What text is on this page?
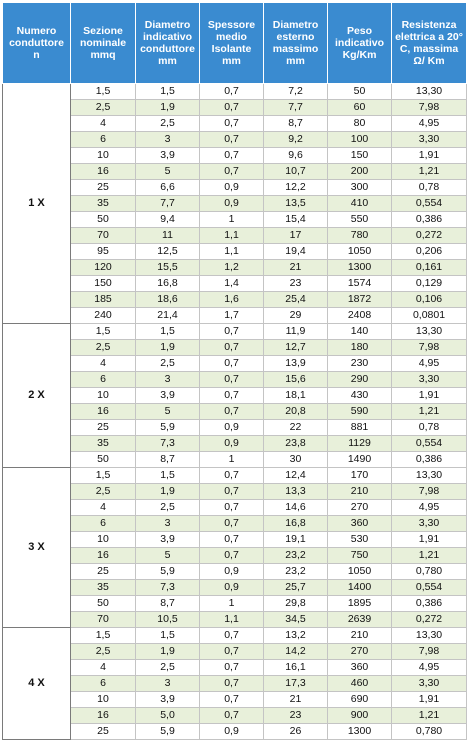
Numero conduttore n	Sezione nominale mmq	Diametro indicativo conduttore mm	Spessore medio Isolante mm	Diametro esterno massimo mm	Peso indicativo Kg/Km	Resistenza elettrica a 20° C, massima Ω/ Km
1 X	1,5	1,5	0,7	7,2	50	13,30
	2,5	1,9	0,7	7,7	60	7,98
	4	2,5	0,7	8,7	80	4,95
	6	3	0,7	9,2	100	3,30
	10	3,9	0,7	9,6	150	1,91
	16	5	0,7	10,7	200	1,21
	25	6,6	0,9	12,2	300	0,78
	35	7,7	0,9	13,5	410	0,554
	50	9,4	1	15,4	550	0,386
	70	11	1,1	17	780	0,272
	95	12,5	1,1	19,4	1050	0,206
	120	15,5	1,2	21	1300	0,161
	150	16,8	1,4	23	1574	0,129
	185	18,6	1,6	25,4	1872	0,106
	240	21,4	1,7	29	2408	0,0801
2 X	1,5	1,5	0,7	11,9	140	13,30
	2,5	1,9	0,7	12,7	180	7,98
	4	2,5	0,7	13,9	230	4,95
	6	3	0,7	15,6	290	3,30
	10	3,9	0,7	18,1	430	1,91
	16	5	0,7	20,8	590	1,21
	25	5,9	0,9	22	881	0,78
	35	7,3	0,9	23,8	1129	0,554
	50	8,7	1	30	1490	0,386
3 X	1,5	1,5	0,7	12,4	170	13,30
	2,5	1,9	0,7	13,3	210	7,98
	4	2,5	0,7	14,6	270	4,95
	6	3	0,7	16,8	360	3,30
	10	3,9	0,7	19,1	530	1,91
	16	5	0,7	23,2	750	1,21
	25	5,9	0,9	23,2	1050	0,780
	35	7,3	0,9	25,7	1400	0,554
	50	8,7	1	29,8	1895	0,386
	70	10,5	1,1	34,5	2639	0,272
4 X	1,5	1,5	0,7	13,2	210	13,30
	2,5	1,9	0,7	14,2	270	7,98
	4	2,5	0,7	16,1	360	4,95
	6	3	0,7	17,3	460	3,30
	10	3,9	0,7	21	690	1,91
	16	5,0	0,7	23	900	1,21
	25	5,9	0,9	26	1300	0,780
